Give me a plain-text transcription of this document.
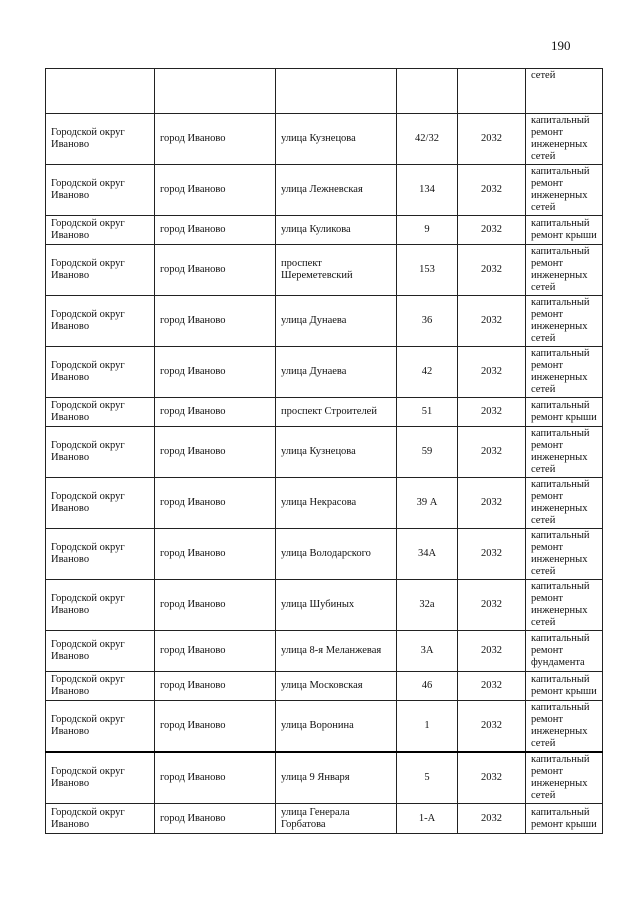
190
					сетей
Городской округ Иваново	город Иваново	улица Кузнецова	42/32	2032	капитальный ремонт инженерных сетей
Городской округ Иваново	город Иваново	улица Лежневская	134	2032	капитальный ремонт инженерных сетей
Городской округ Иваново	город Иваново	улица Куликова	9	2032	капитальный ремонт крыши
Городской округ Иваново	город Иваново	проспект Шереметевский	153	2032	капитальный ремонт инженерных сетей
Городской округ Иваново	город Иваново	улица Дунаева	36	2032	капитальный ремонт инженерных сетей
Городской округ Иваново	город Иваново	улица Дунаева	42	2032	капитальный ремонт инженерных сетей
Городской округ Иваново	город Иваново	проспект Строителей	51	2032	капитальный ремонт крыши
Городской округ Иваново	город Иваново	улица Кузнецова	59	2032	капитальный ремонт инженерных сетей
Городской округ Иваново	город Иваново	улица Некрасова	39 А	2032	капитальный ремонт инженерных сетей
Городской округ Иваново	город Иваново	улица Володарского	34А	2032	капитальный ремонт инженерных сетей
Городской округ Иваново	город Иваново	улица Шубиных	32а	2032	капитальный ремонт инженерных сетей
Городской округ Иваново	город Иваново	улица 8-я Меланжевая	3А	2032	капитальный ремонт фундамента
Городской округ Иваново	город Иваново	улица Московская	46	2032	капитальный ремонт крыши
Городской округ Иваново	город Иваново	улица Воронина	1	2032	капитальный ремонт инженерных сетей
Городской округ Иваново	город Иваново	улица 9 Января	5	2032	капитальный ремонт инженерных сетей
Городской округ Иваново	город Иваново	улица Генерала Горбатова	1-А	2032	капитальный ремонт крыши
